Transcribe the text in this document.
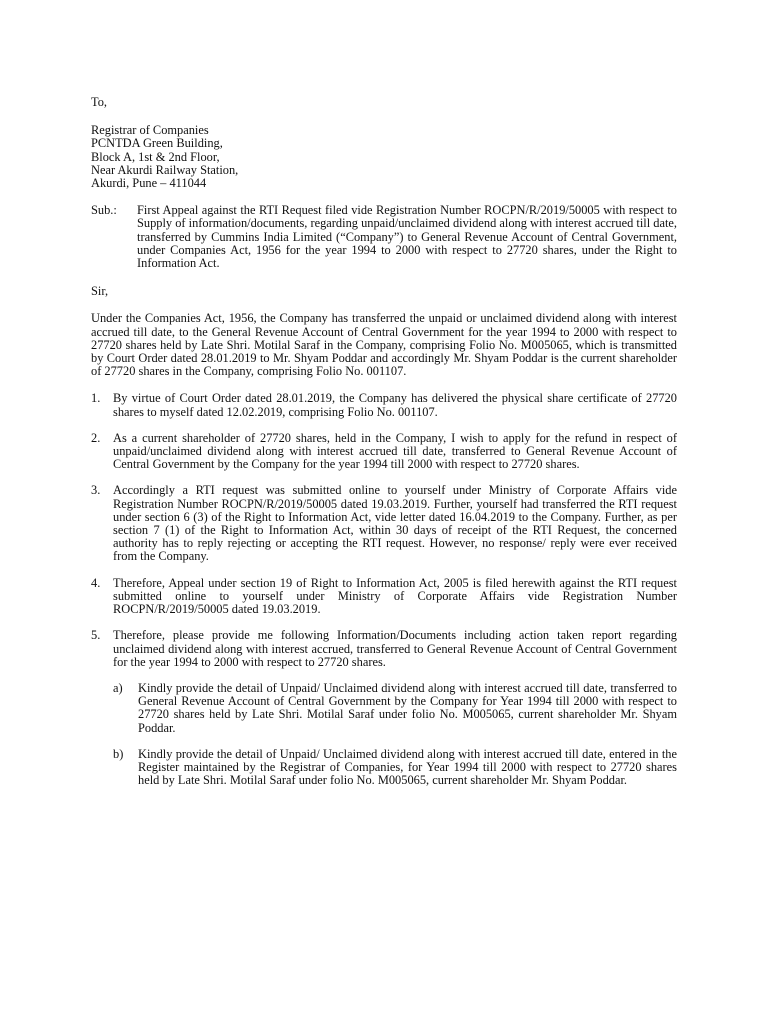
To,

Registrar of Companies
PCNTDA Green Building,
Block A, 1st & 2nd Floor,
Near Akurdi Railway Station,
Akurdi, Pune – 411044
Sub.:	First Appeal against the RTI Request filed vide Registration Number ROCPN/R/2019/50005 with respect to Supply of information/documents, regarding unpaid/unclaimed dividend along with interest accrued till date, transferred by Cummins India Limited (“Company”) to General Revenue Account of Central Government, under Companies Act, 1956 for the year 1994 to 2000 with respect to 27720 shares, under the Right to Information Act.

Sir,

Under the Companies Act, 1956, the Company has transferred the unpaid or unclaimed dividend along with interest accrued till date, to the General Revenue Account of Central Government for the year 1994 to 2000 with respect to 27720 shares held by Late Shri. Motilal Saraf in the Company, comprising Folio No. M005065, which is transmitted by Court Order dated 28.01.2019 to Mr. Shyam Poddar and accordingly Mr. Shyam Poddar is the current shareholder of 27720 shares in the Company, comprising Folio No. 001107.

1.	By virtue of Court Order dated 28.01.2019, the Company has delivered the physical share certificate of 27720 shares to myself dated 12.02.2019, comprising Folio No. 001107.
2.	As a current shareholder of 27720 shares, held in the Company, I wish to apply for the refund in respect of unpaid/unclaimed dividend along with interest accrued till date, transferred to General Revenue Account of Central Government by the Company for the year 1994 till 2000 with respect to 27720 shares.
3.	Accordingly a RTI request was submitted online to yourself under Ministry of Corporate Affairs vide Registration Number ROCPN/R/2019/50005 dated 19.03.2019. Further, yourself had transferred the RTI request under section 6 (3) of the Right to Information Act, vide letter dated 16.04.2019 to the Company. Further, as per section 7 (1) of the Right to Information Act, within 30 days of receipt of the RTI Request, the concerned authority has to reply rejecting or accepting the RTI request. However, no response/ reply were ever received from the Company.
4.	Therefore, Appeal under section 19 of Right to Information Act, 2005 is filed herewith against the RTI request submitted online to yourself under Ministry of Corporate Affairs vide Registration Number ROCPN/R/2019/50005 dated 19.03.2019.
5.	Therefore, please provide me following Information/Documents including action taken report regarding unclaimed dividend along with interest accrued, transferred to General Revenue Account of Central Government for the year 1994 to 2000 with respect to 27720 shares.
a)	Kindly provide the detail of Unpaid/ Unclaimed dividend along with interest accrued till date, transferred to General Revenue Account of Central Government by the Company for Year 1994 till 2000 with respect to 27720 shares held by Late Shri. Motilal Saraf under folio No. M005065, current shareholder Mr. Shyam Poddar.
b)	Kindly provide the detail of Unpaid/ Unclaimed dividend along with interest accrued till date, entered in the Register maintained by the Registrar of Companies, for Year 1994 till 2000 with respect to 27720 shares held by Late Shri. Motilal Saraf under folio No. M005065, current shareholder Mr. Shyam Poddar.
